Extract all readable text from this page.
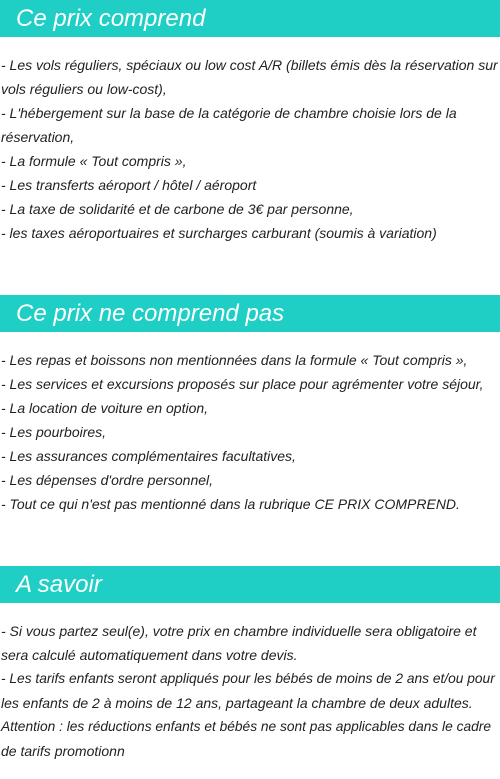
Ce prix comprend
- Les vols réguliers, spéciaux ou low cost A/R (billets émis dès la réservation sur
vols réguliers ou low-cost),
- L'hébergement sur la base de la catégorie de chambre choisie lors de la
réservation,
- La formule « Tout compris »,
- Les transferts aéroport / hôtel / aéroport
- La taxe de solidarité et de carbone de 3€ par personne,
- les taxes aéroportuaires et surcharges carburant (soumis à variation)
Ce prix ne comprend pas
- Les repas et boissons non mentionnées dans la formule « Tout compris »,
- Les services et excursions proposés sur place pour agrémenter votre séjour,
- La location de voiture en option,
- Les pourboires,
- Les assurances complémentaires facultatives,
- Les dépenses d'ordre personnel,
- Tout ce qui n'est pas mentionné dans la rubrique CE PRIX COMPREND.
A savoir
- Si vous partez seul(e), votre prix en chambre individuelle sera obligatoire et
sera calculé automatiquement dans votre devis.
- Les tarifs enfants seront appliqués pour les bébés de moins de 2 ans et/ou pour
les enfants de 2 à moins de 12 ans, partageant la chambre de deux adultes.
Attention : les réductions enfants et bébés ne sont pas applicables dans le cadre
de tarifs promotionn
